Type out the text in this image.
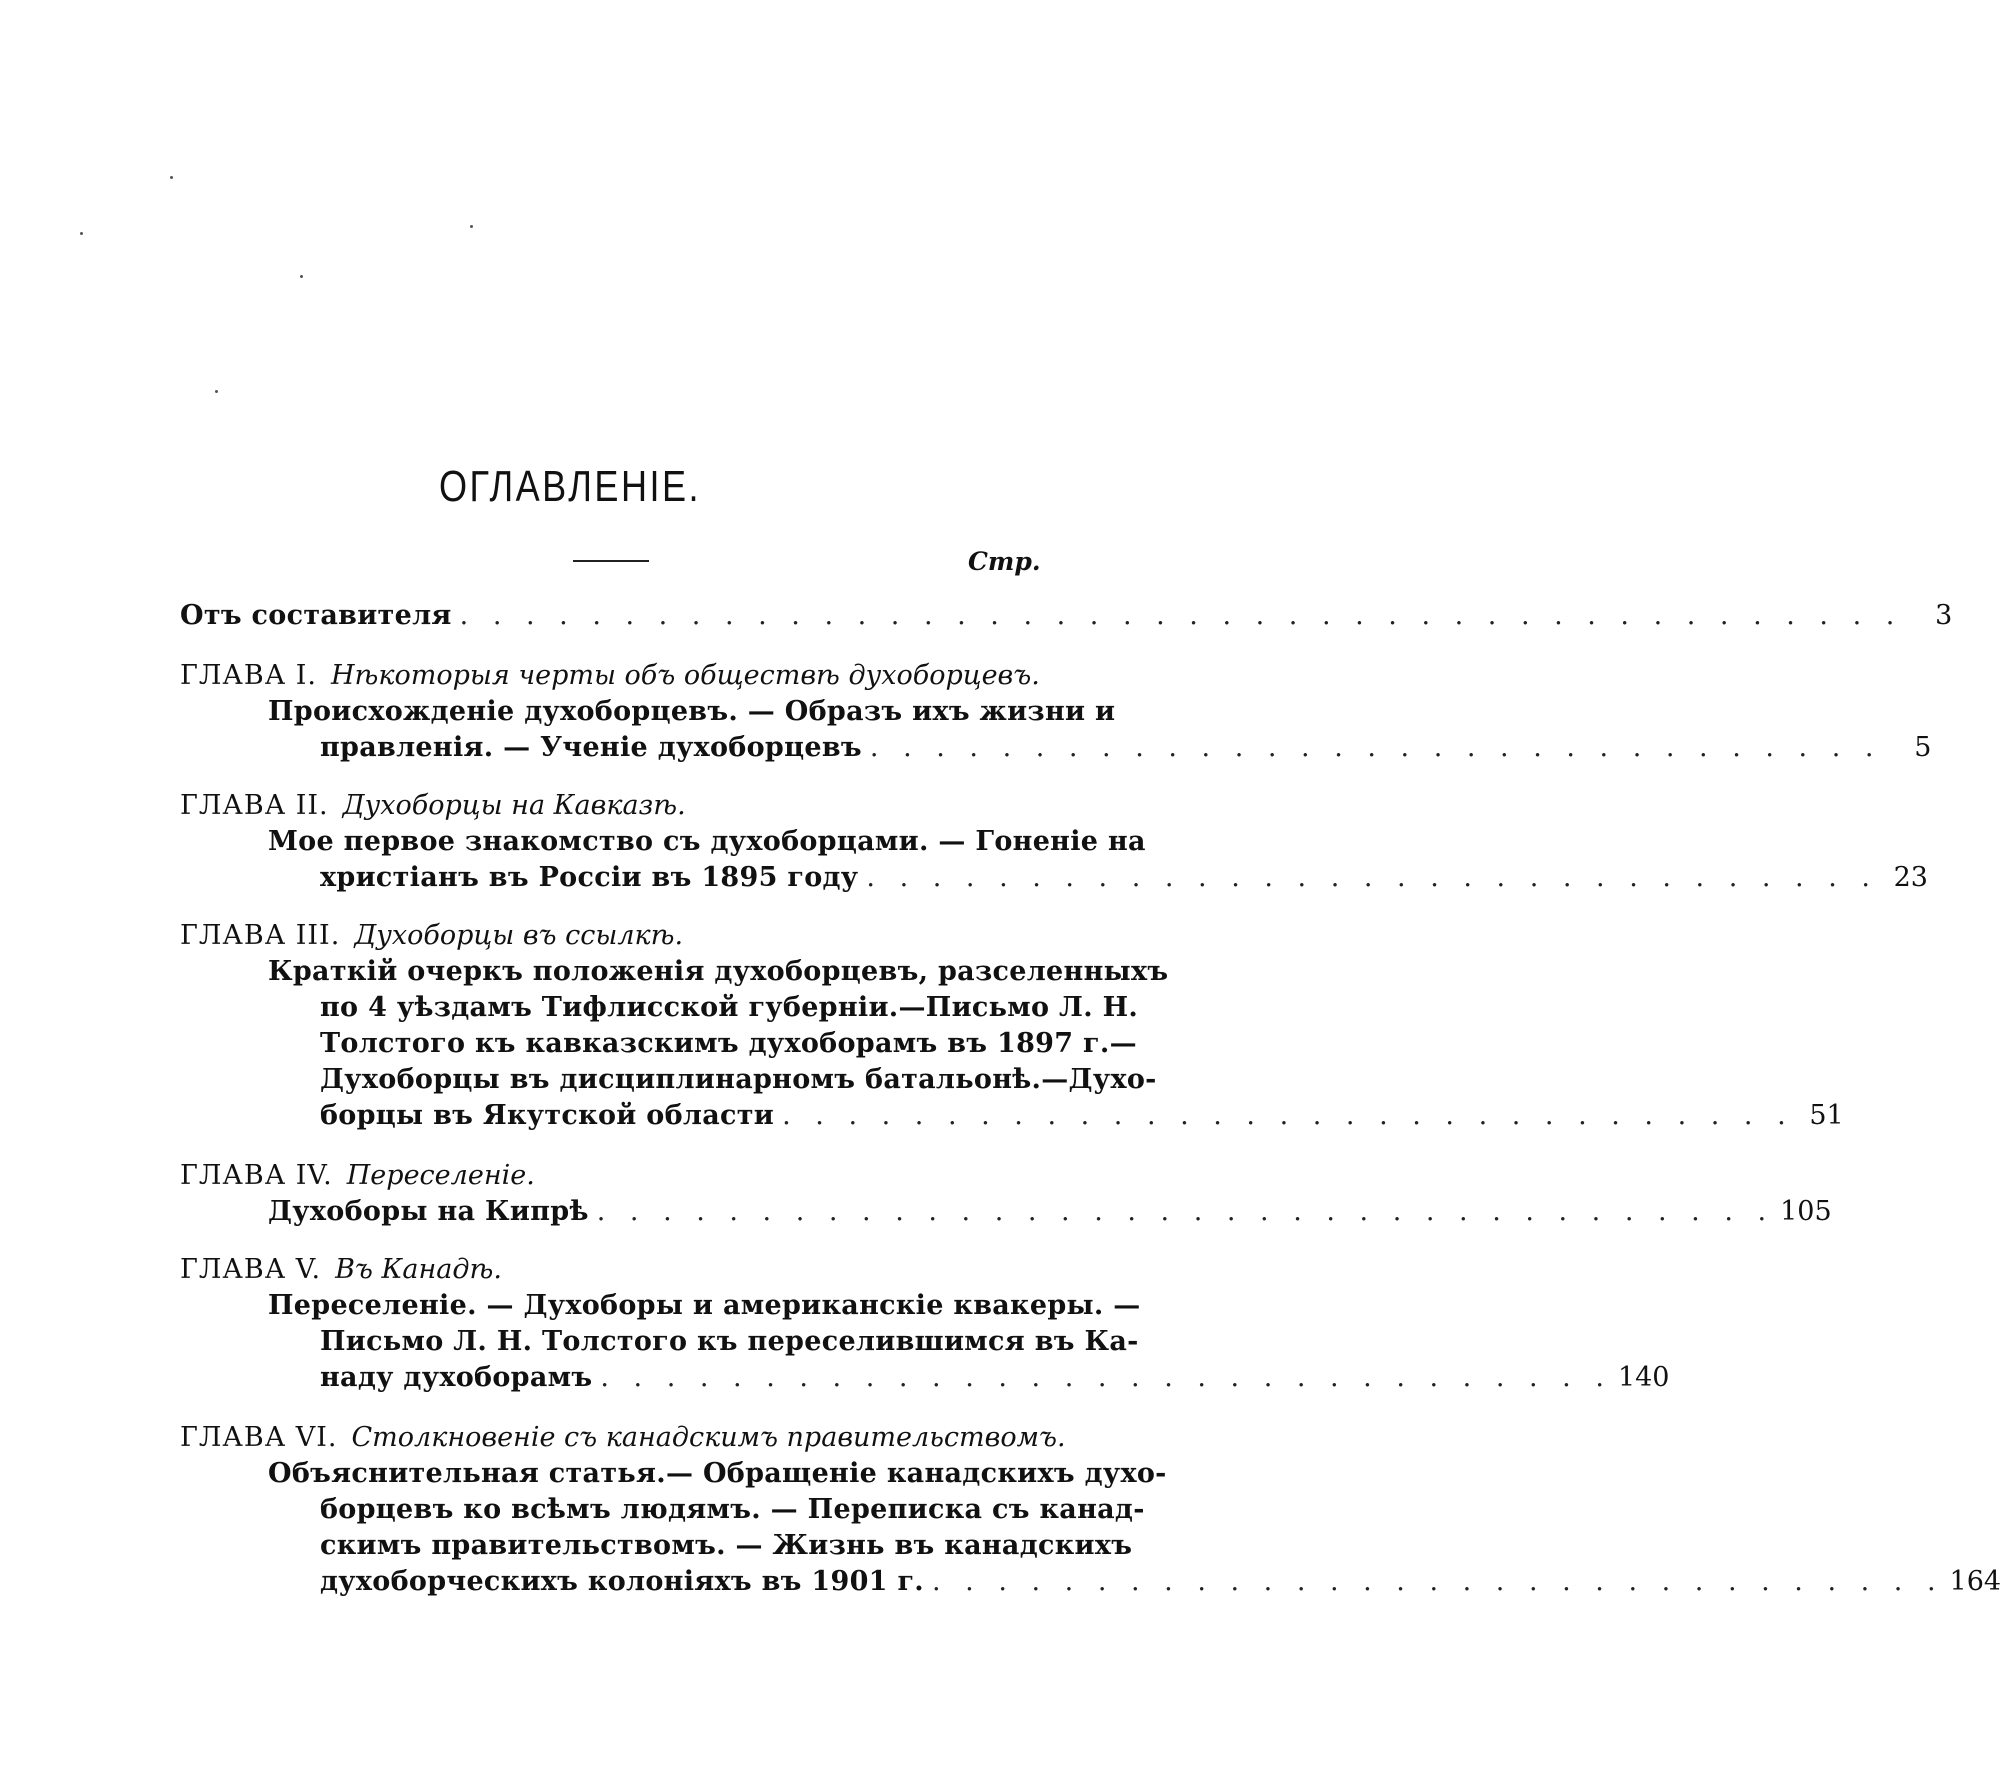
ОГЛАВЛЕНІЕ.
Стр.
Отъ составителя . . . . . . . . . . . . . . . . . . . . . . . . . . . . . . . . . . . . . . . . . . . .	3
ГЛАВА I. Нѣкоторыя черты объ обществѣ духоборцевъ.
Происхожденіе духоборцевъ. — Образъ ихъ жизни и
правленія. — Ученіе духоборцевъ . . . . . . . . . . . . . . . . . . . . . . . . . . . . . . .	5
ГЛАВА II. Духоборцы на Кавказѣ.
Мое первое знакомство съ духоборцами. — Гоненіе на
христіанъ въ Россіи въ 1895 году . . . . . . . . . . . . . . . . . . . . . . . . . . . . . . . 23
ГЛАВА III. Духоборцы въ ссылкѣ.
Краткій очеркъ положенія духоборцевъ, разселенныхъ
по 4 уѣздамъ Тифлисской губерніи.—Письмо Л. Н.
Толстого къ кавказскимъ духоборамъ въ 1897 г.—
Духоборцы въ дисциплинарномъ батальонѣ.—Духо-
борцы въ Якутской области . . . . . . . . . . . . . . . . . . . . . . . . . . . . . . . 51
ГЛАВА IV. Переселеніе.
Духоборы на Кипрѣ . . . . . . . . . . . . . . . . . . . . . . . . . . . . . . . . . . . . 105
ГЛАВА V. Въ Канадѣ.
Переселеніе. — Духоборы и американскіе квакеры. —
Письмо Л. Н. Толстого къ переселившимся въ Ка-
наду духоборамъ . . . . . . . . . . . . . . . . . . . . . . . . . . . . . . . 140
ГЛАВА VI. Столкновеніе съ канадскимъ правительствомъ.
Объяснительная статья.— Обращеніе канадскихъ духо-
борцевъ ко всѣмъ людямъ. — Переписка съ канад-
скимъ правительствомъ. — Жизнь въ канадскихъ
духоборческихъ колоніяхъ въ 1901 г. . . . . . . . . . . . . . . . . . . . . . . . . . . . . . . . 164
